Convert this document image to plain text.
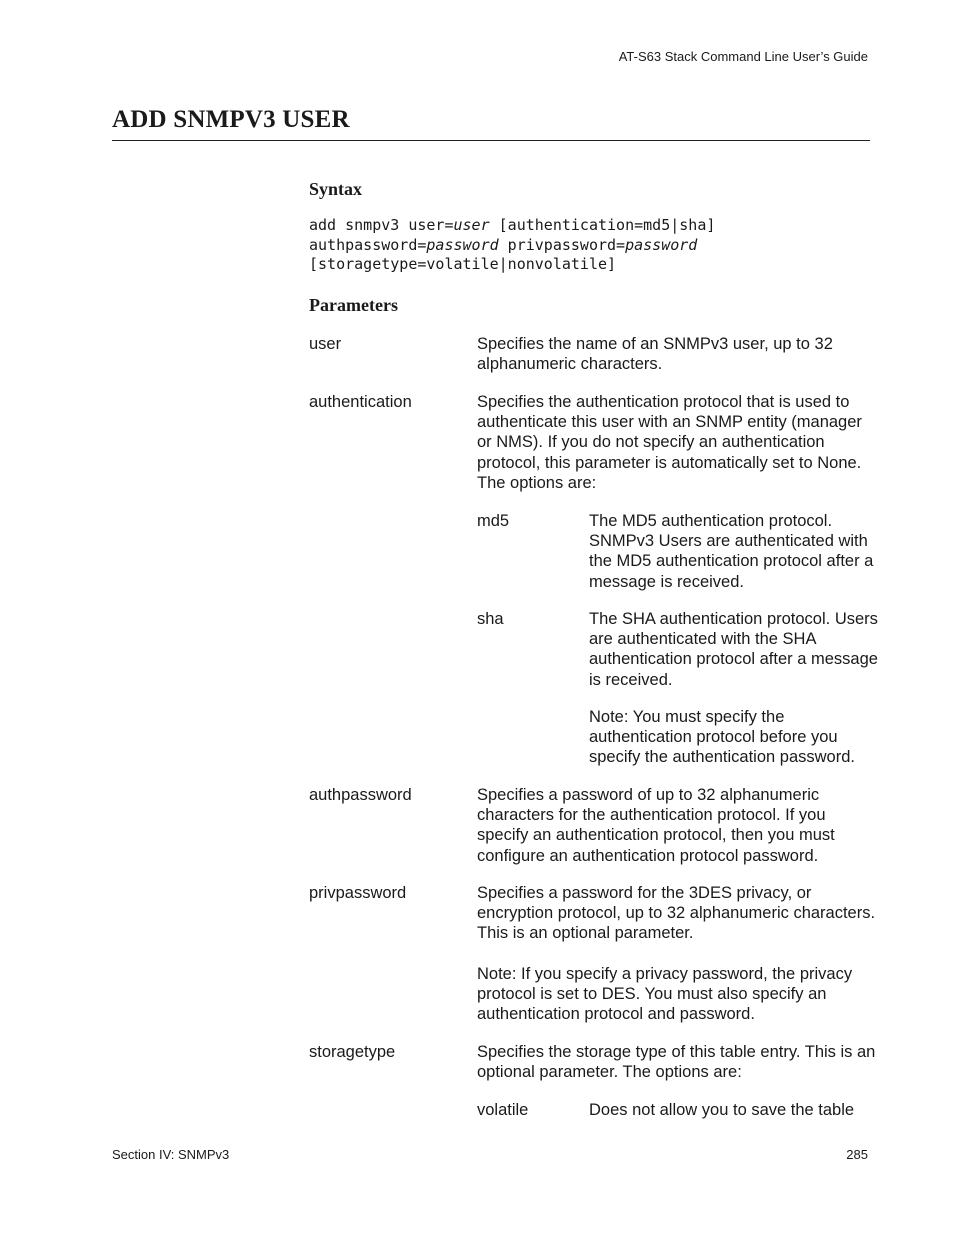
AT-S63 Stack Command Line User’s Guide
ADD SNMPV3 USER
Syntax
add snmpv3 user=user [authentication=md5|sha]
authpassword=password privpassword=password
[storagetype=volatile|nonvolatile]
Parameters
user	Specifies the name of an SNMPv3 user, up to 32 alphanumeric characters.
authentication	Specifies the authentication protocol that is used to authenticate this user with an SNMP entity (manager or NMS). If you do not specify an authentication protocol, this parameter is automatically set to None. The options are:
md5	The MD5 authentication protocol. SNMPv3 Users are authenticated with the MD5 authentication protocol after a message is received.
sha	The SHA authentication protocol. Users are authenticated with the SHA authentication protocol after a message is received.
Note: You must specify the authentication protocol before you specify the authentication password.
authpassword	Specifies a password of up to 32 alphanumeric characters for the authentication protocol. If you specify an authentication protocol, then you must configure an authentication protocol password.
privpassword	Specifies a password for the 3DES privacy, or encryption protocol, up to 32 alphanumeric characters. This is an optional parameter.
Note: If you specify a privacy password, the privacy protocol is set to DES. You must also specify an authentication protocol and password.
storagetype	Specifies the storage type of this table entry. This is an optional parameter. The options are:
volatile	Does not allow you to save the table
Section IV: SNMPv3	285
